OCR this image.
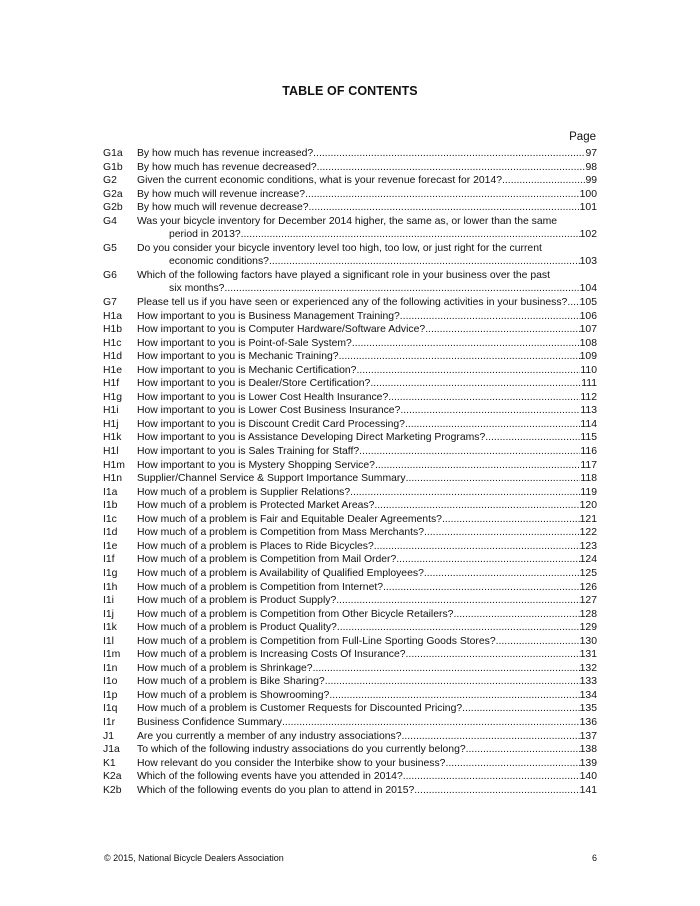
TABLE OF CONTENTS
Page
G1a	By how much has revenue increased? .....	97
G1b	By how much has revenue decreased? .....	98
G2	Given the current economic conditions, what is your revenue forecast for 2014? .....	99
G2a	By how much will revenue increase? .....	100
G2b	By how much will revenue decrease? .....	101
G4	Was your bicycle inventory for December 2014 higher, the same as, or lower than the same
period in 2013? .....	102
G5	Do you consider your bicycle inventory level too high, too low, or just right for the current
economic conditions? .....	103
G6	Which of the following factors have played a significant role in your business over the past
six months? .....	104
G7	Please tell us if you have seen or experienced any of the following activities in your business? ..... 105
H1a	How important to you is Business Management Training? .....	106
H1b	How important to you is Computer Hardware/Software Advice? .....	107
H1c	How important to you is Point-of-Sale System? .....	108
H1d	How important to you is Mechanic Training? .....	109
H1e	How important to you is Mechanic Certification? .....	110
H1f	How important to you is Dealer/Store Certification? .....	111
H1g	How important to you is Lower Cost Health Insurance? .....	112
H1i	How important to you is Lower Cost Business Insurance? .....	113
H1j	How important to you is Discount Credit Card Processing? .....	114
H1k	How important to you is Assistance Developing Direct Marketing Programs? .....	115
H1l	How important to you is Sales Training for Staff? .....	116
H1m	How important to you is Mystery Shopping Service? .....	117
H1n	Supplier/Channel Service & Support Importance Summary .....	118
I1a	How much of a problem is Supplier Relations? .....	119
I1b	How much of a problem is Protected Market Areas? .....	120
I1c	How much of a problem is Fair and Equitable Dealer Agreements? .....	121
I1d	How much of a problem is Competition from Mass Merchants? .....	122
I1e	How much of a problem is Places to Ride Bicycles? .....	123
I1f	How much of a problem is Competition from Mail Order? .....	124
I1g	How much of a problem is Availability of Qualified Employees? .....	125
I1h	How much of a problem is Competition from Internet? .....	126
I1i	How much of a problem is Product Supply? .....	127
I1j	How much of a problem is Competition from Other Bicycle Retailers? .....	128
I1k	How much of a problem is Product Quality? .....	129
I1l	How much of a problem is Competition from Full-Line Sporting Goods Stores? .....	130
I1m	How much of a problem is Increasing Costs Of Insurance? .....	131
I1n	How much of a problem is Shrinkage? .....	132
I1o	How much of a problem is Bike Sharing? .....	133
I1p	How much of a problem is Showrooming? .....	134
I1q	How much of a problem is Customer Requests for Discounted Pricing? .....	135
I1r	Business Confidence Summary .....	136
J1	Are you currently a member of any industry associations? .....	137
J1a	To which of the following industry associations do you currently belong? .....	138
K1	How relevant do you consider the Interbike show to your business? .....	139
K2a	Which of the following events have you attended in 2014? .....	140
K2b	Which of the following events do you plan to attend in 2015? .....	141
© 2015, National Bicycle Dealers Association	6
